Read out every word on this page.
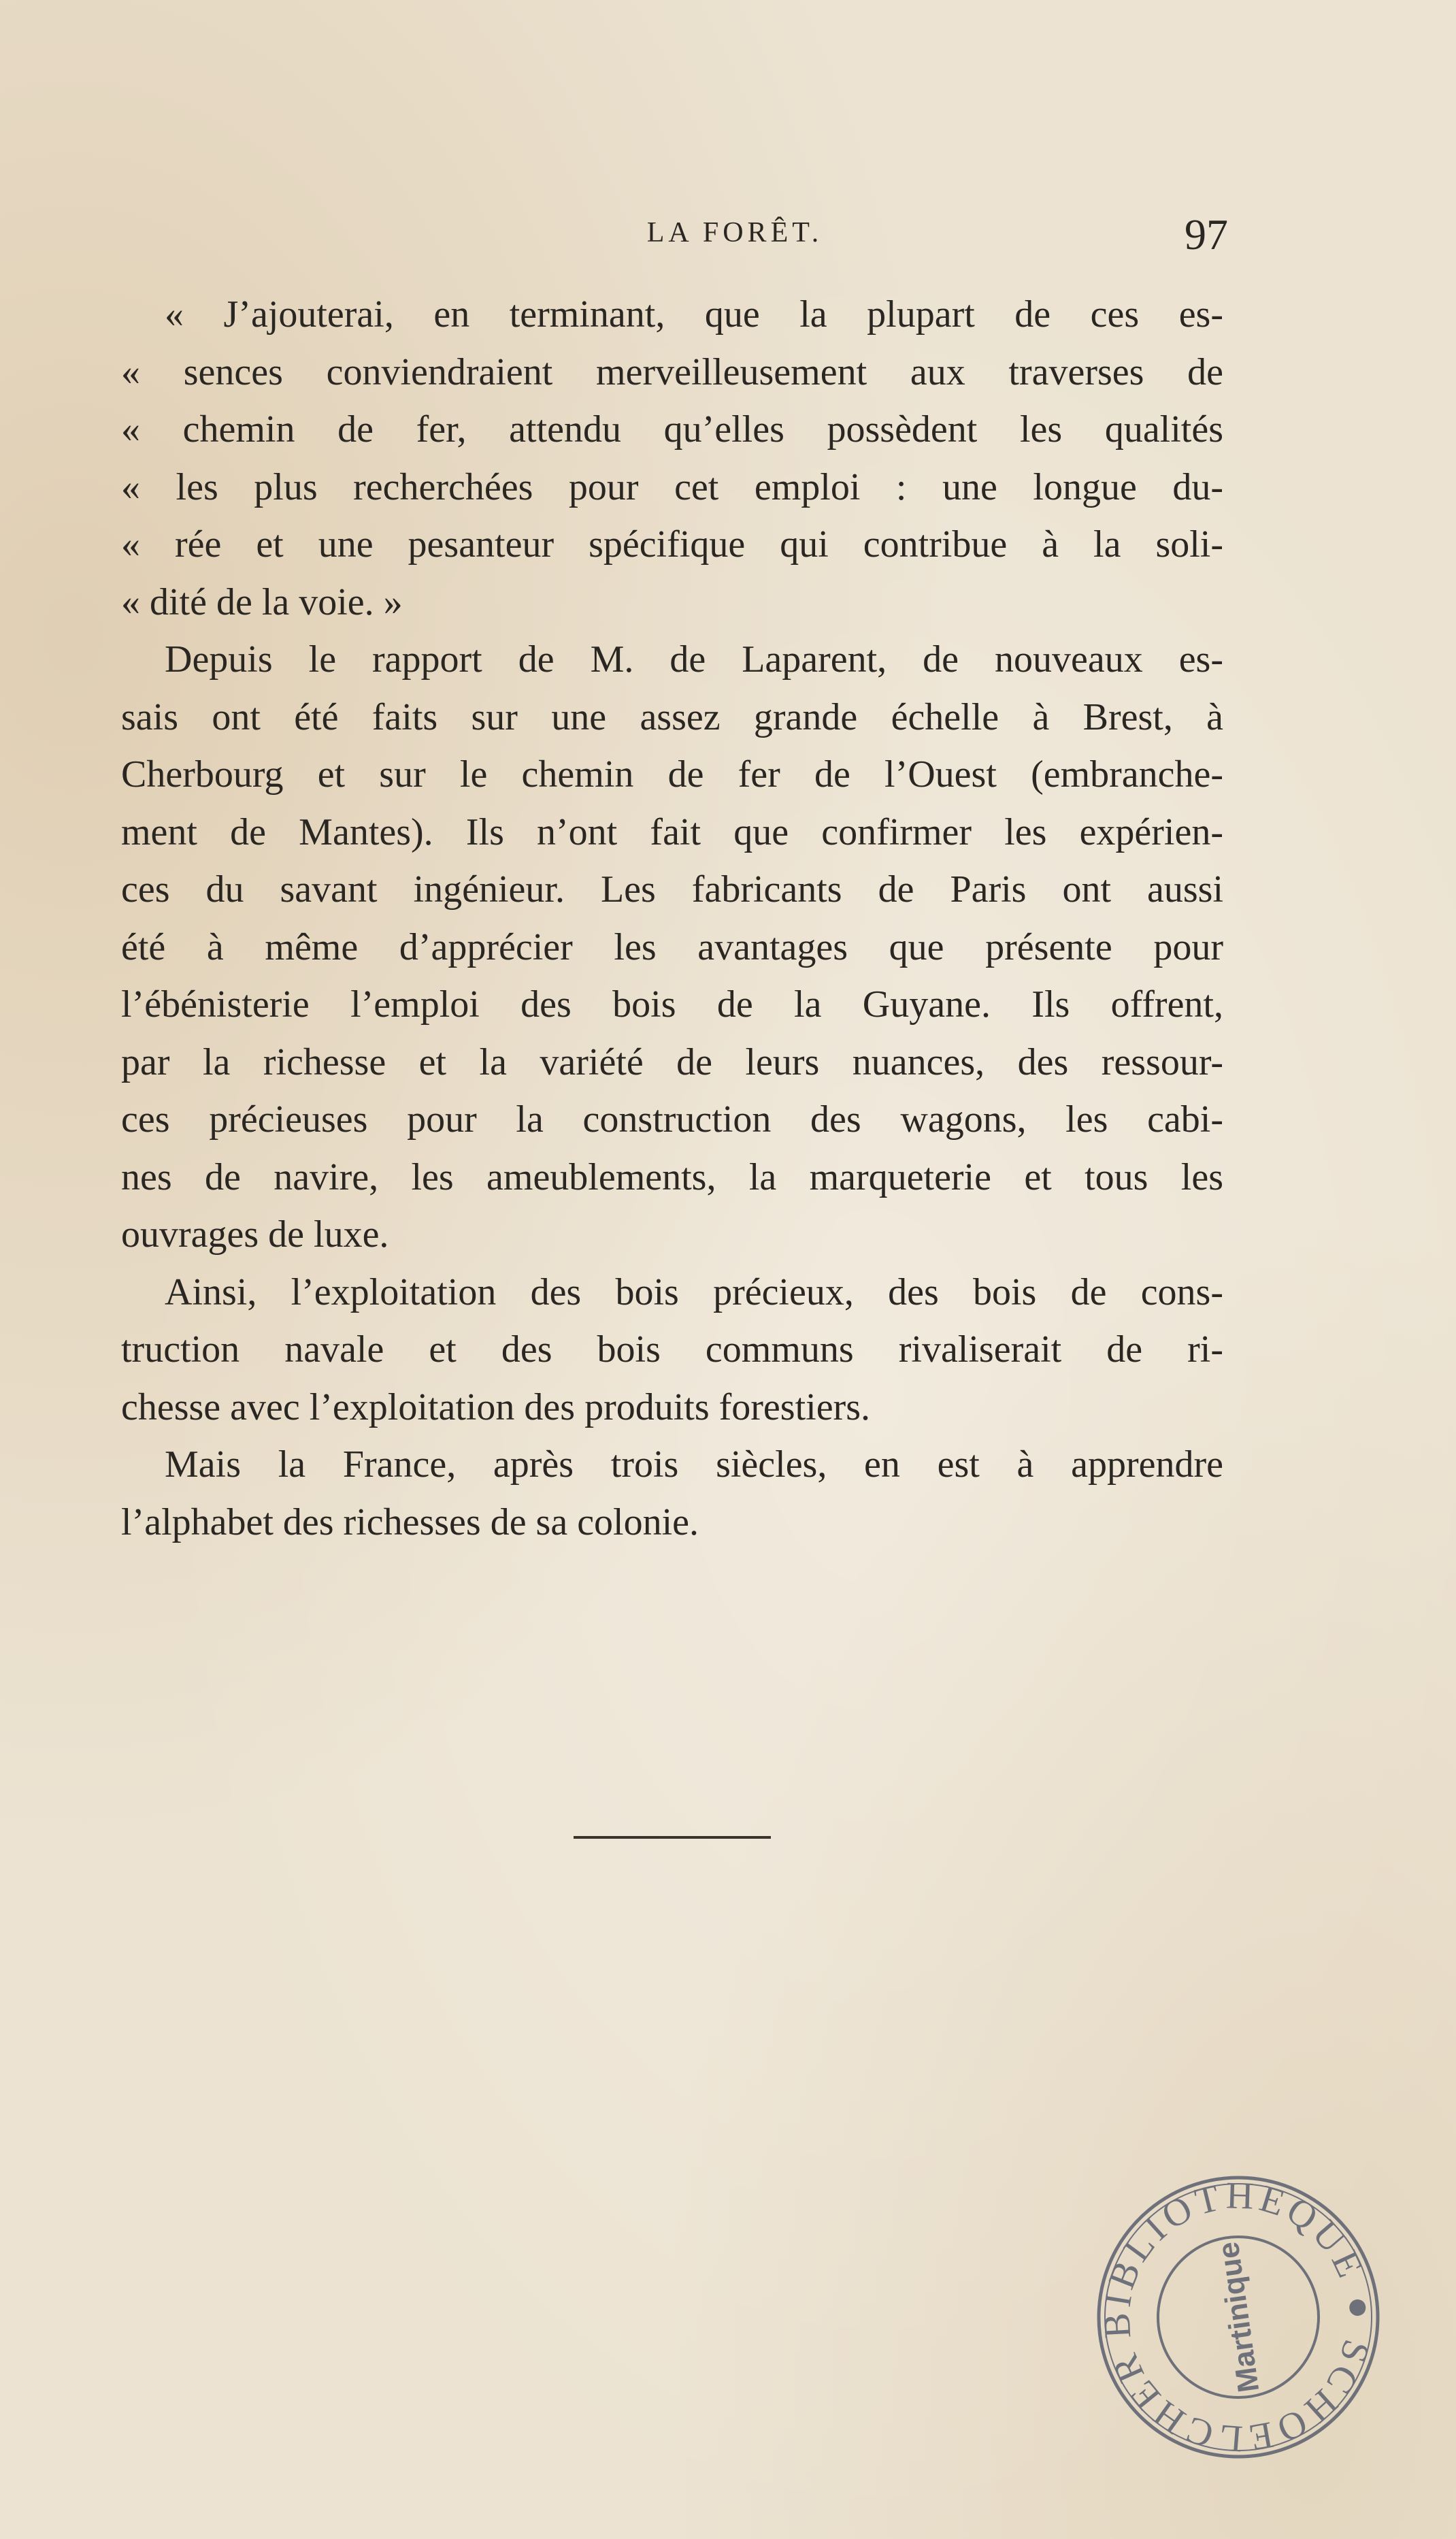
LA FORÊT.	97
« J’ajouterai, en terminant, que la plupart de ces es-
« sences conviendraient merveilleusement aux traverses de
« chemin de fer, attendu qu’elles possèdent les qualités
« les plus recherchées pour cet emploi : une longue du-
« rée et une pesanteur spécifique qui contribue à la soli-
« dité de la voie. »
Depuis le rapport de M. de Laparent, de nouveaux es-
sais ont été faits sur une assez grande échelle à Brest, à
Cherbourg et sur le chemin de fer de l’Ouest (embranche-
ment de Mantes). Ils n’ont fait que confirmer les expérien-
ces du savant ingénieur. Les fabricants de Paris ont aussi
été à même d’apprécier les avantages que présente pour
l’ébénisterie l’emploi des bois de la Guyane. Ils offrent,
par la richesse et la variété de leurs nuances, des ressour-
ces précieuses pour la construction des wagons, les cabi-
nes de navire, les ameublements, la marqueterie et tous les
ouvrages de luxe.
Ainsi, l’exploitation des bois précieux, des bois de cons-
truction navale et des bois communs rivaliserait de ri-
chesse avec l’exploitation des produits forestiers.
Mais la France, après trois siècles, en est à apprendre
l’alphabet des richesses de sa colonie.
BIBLIOTHEQUE ● SCHOELCHER	Martinique
